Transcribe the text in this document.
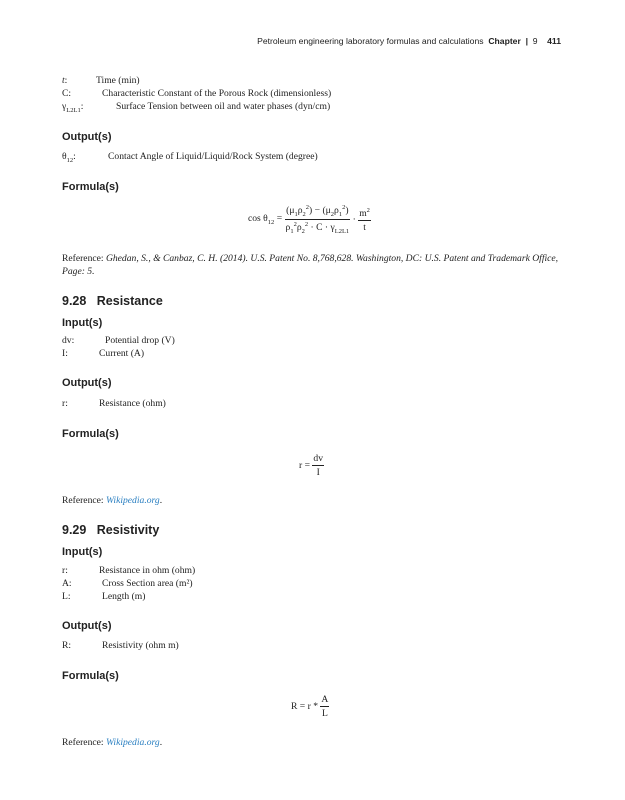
Petroleum engineering laboratory formulas and calculations Chapter | 9 411
t:	Time (min)
C:	Characteristic Constant of the Porous Rock (dimensionless)
$\gamma_{L2L1}$:	Surface Tension between oil and water phases (dyn/cm)
Output(s)
$\theta_{12}$:	Contact Angle of Liquid/Liquid/Rock System (degree)
Formula(s)
$\cos \theta_{12} = \frac{(\mu_1\rho_2^2) - (\mu_2\rho_1^2)}{\rho_1^2\rho_2^2 \cdot C \cdot \gamma_{L2L1}} \cdot \frac{m^2}{t}$
Reference: Ghedan, S., & Canbaz, C. H. (2014). U.S. Patent No. 8,768,628. Washington, DC: U.S. Patent and Trademark Office, Page: 5.
9.28 Resistance
Input(s)
dv:	Potential drop (V)
I:	Current (A)
Output(s)
r:	Resistance (ohm)
Formula(s)
$r = \frac{dv}{I}$
Reference: Wikipedia.org.
9.29 Resistivity
Input(s)
r:	Resistance in ohm (ohm)
A:	Cross Section area (m²)
L:	Length (m)
Output(s)
R:	Resistivity (ohm m)
Formula(s)
$R = r * \frac{A}{L}$
Reference: Wikipedia.org.
